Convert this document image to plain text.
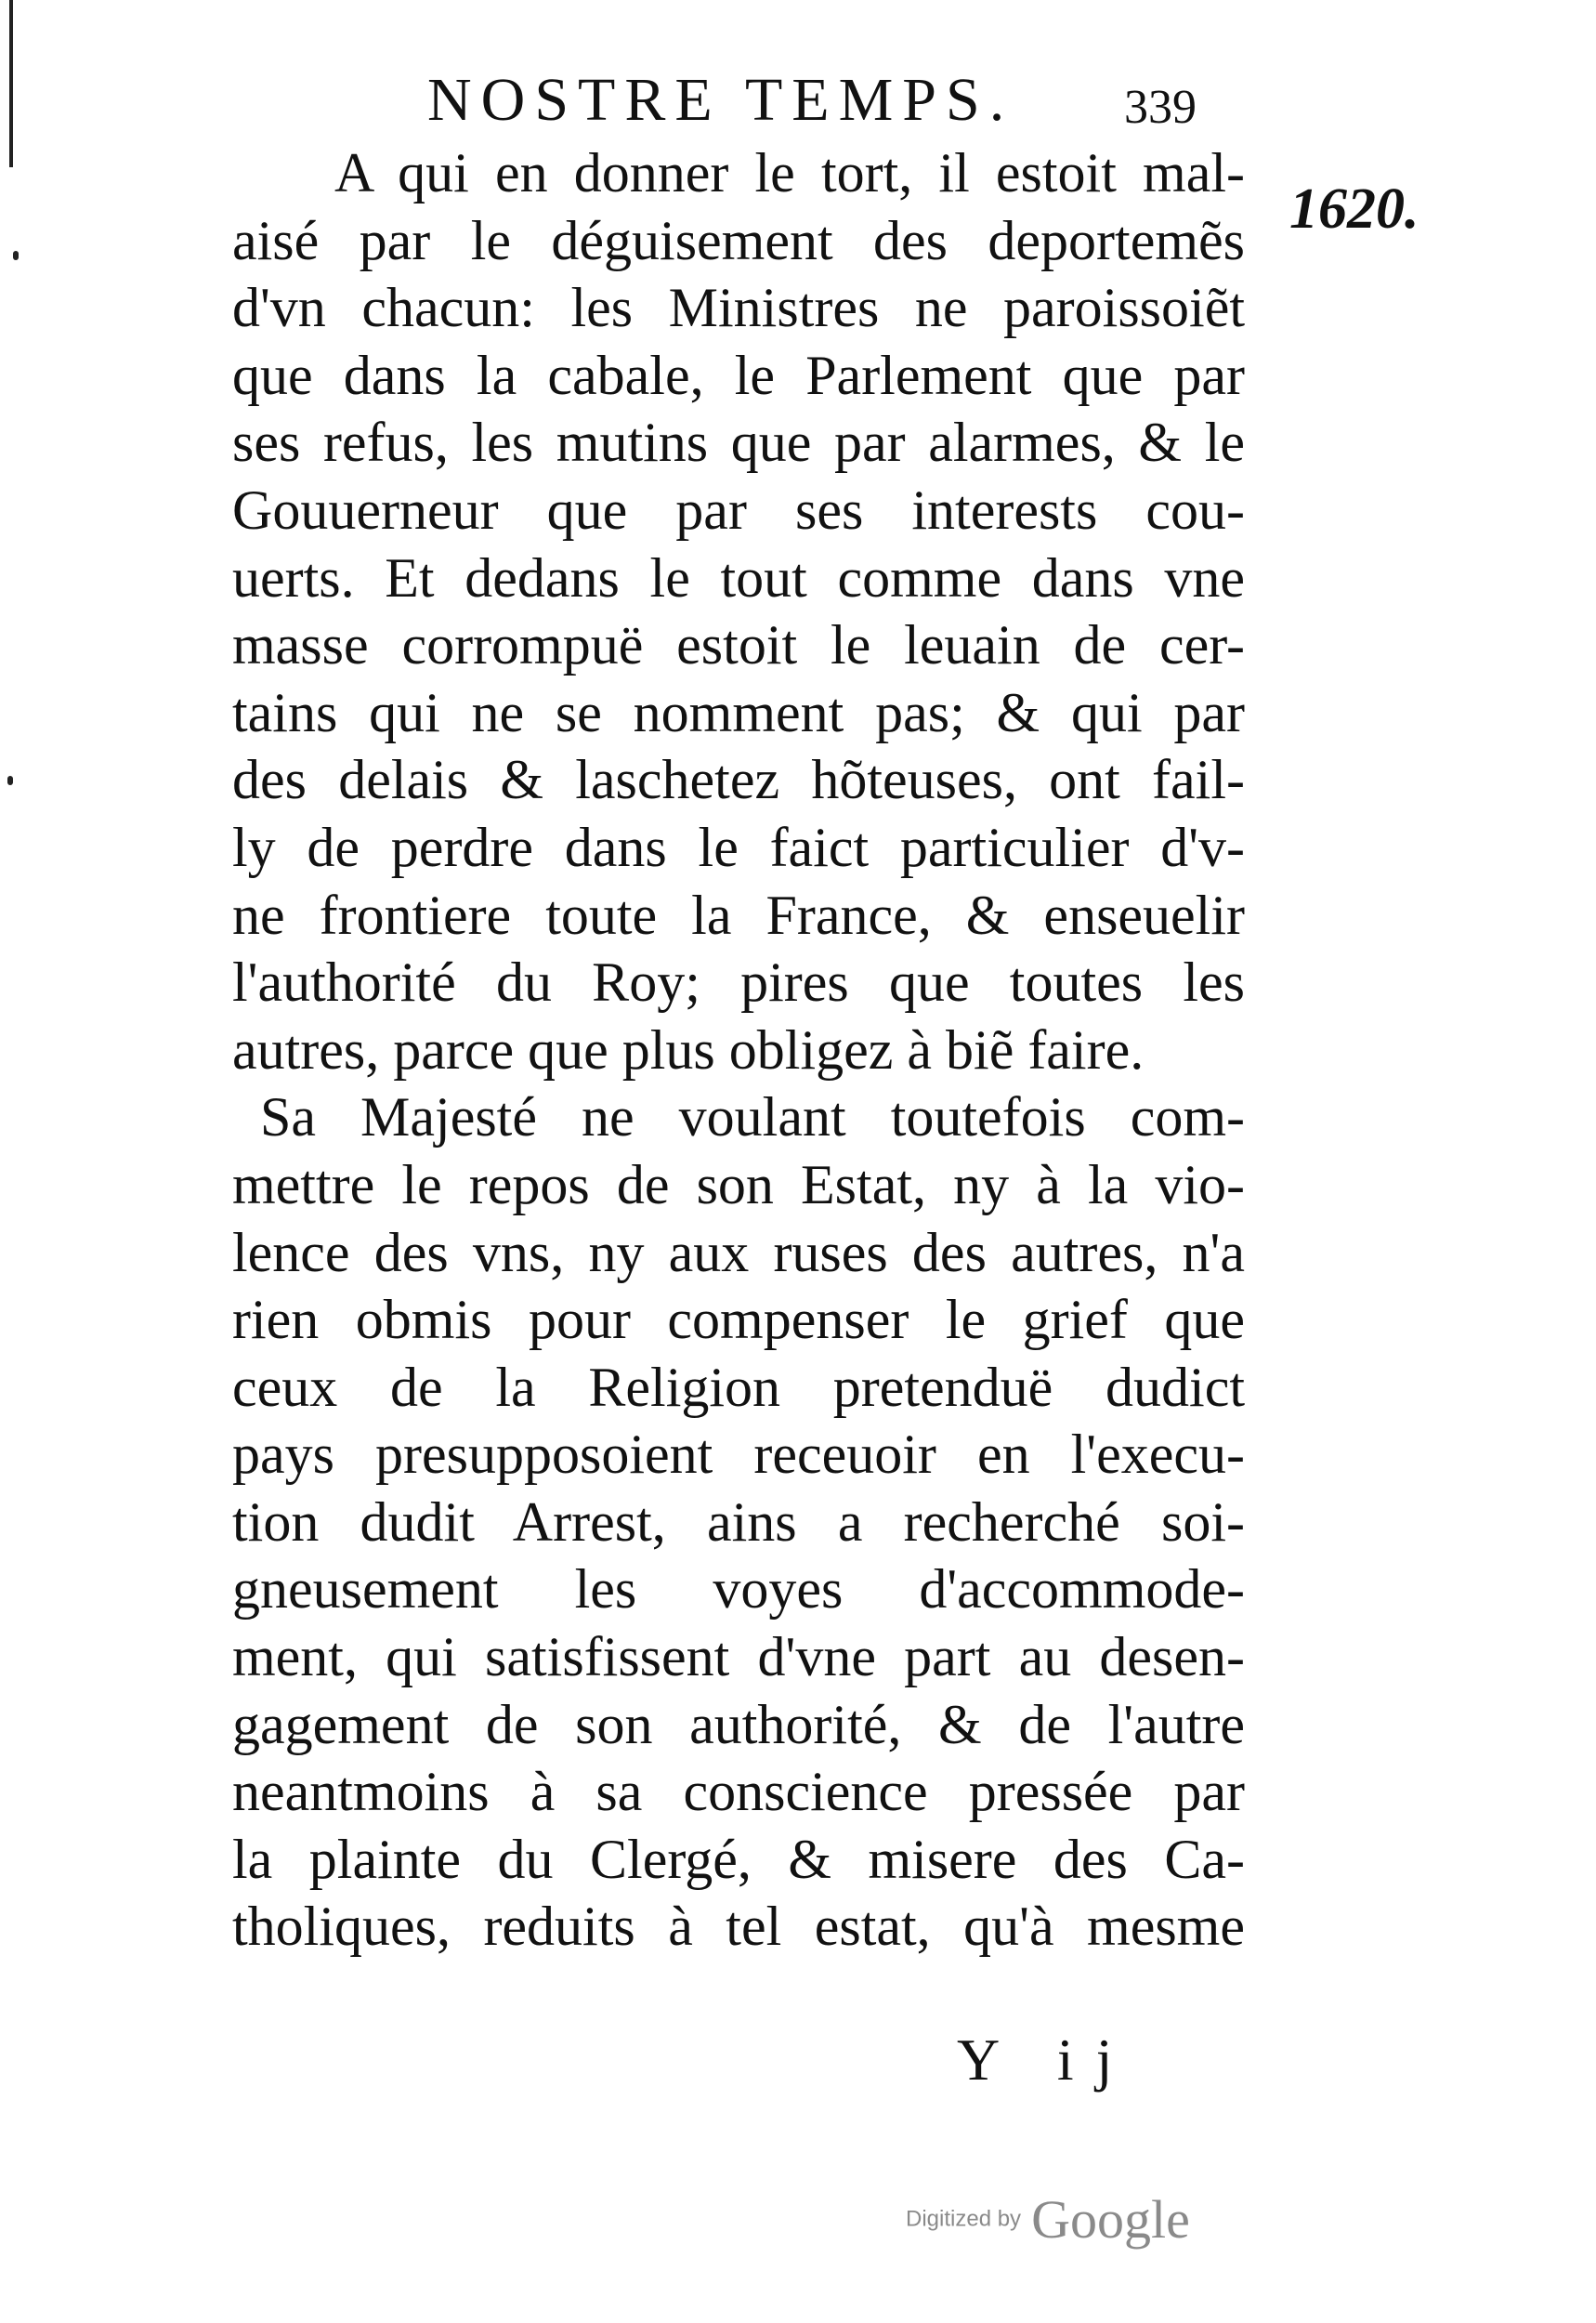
NOSTRE TEMPS. 339
1620.
A qui en donner le tort, il estoit mal-
aisé par le déguisement des deportemẽs
d'vn chacun: les Ministres ne paroissoiẽt
que dans la cabale, le Parlement que par
ses refus, les mutins que par alarmes, & le
Gouuerneur que par ses interests cou-
uerts. Et dedans le tout comme dans vne
masse corrompuë estoit le leuain de cer-
tains qui ne se nomment pas; & qui par
des delais & laschetez hõteuses, ont fail-
ly de perdre dans le faict particulier d'v-
ne frontiere toute la France, & enseuelir
l'authorité du Roy; pires que toutes les
autres, parce que plus obligez à biẽ faire.
Sa Majesté ne voulant toutefois com-
mettre le repos de son Estat, ny à la vio-
lence des vns, ny aux ruses des autres, n'a
rien obmis pour compenser le grief que
ceux de la Religion pretenduë dudict
pays presupposoient receuoir en l'execu-
tion dudit Arrest, ains a recherché soi-
gneusement les voyes d'accommode-
ment, qui satisfissent d'vne part au desen-
gagement de son authorité, & de l'autre
neantmoins à sa conscience pressée par
la plainte du Clergé, & misere des Ca-
tholiques, reduits à tel estat, qu'à mesme
Y ij
Digitized by Google
